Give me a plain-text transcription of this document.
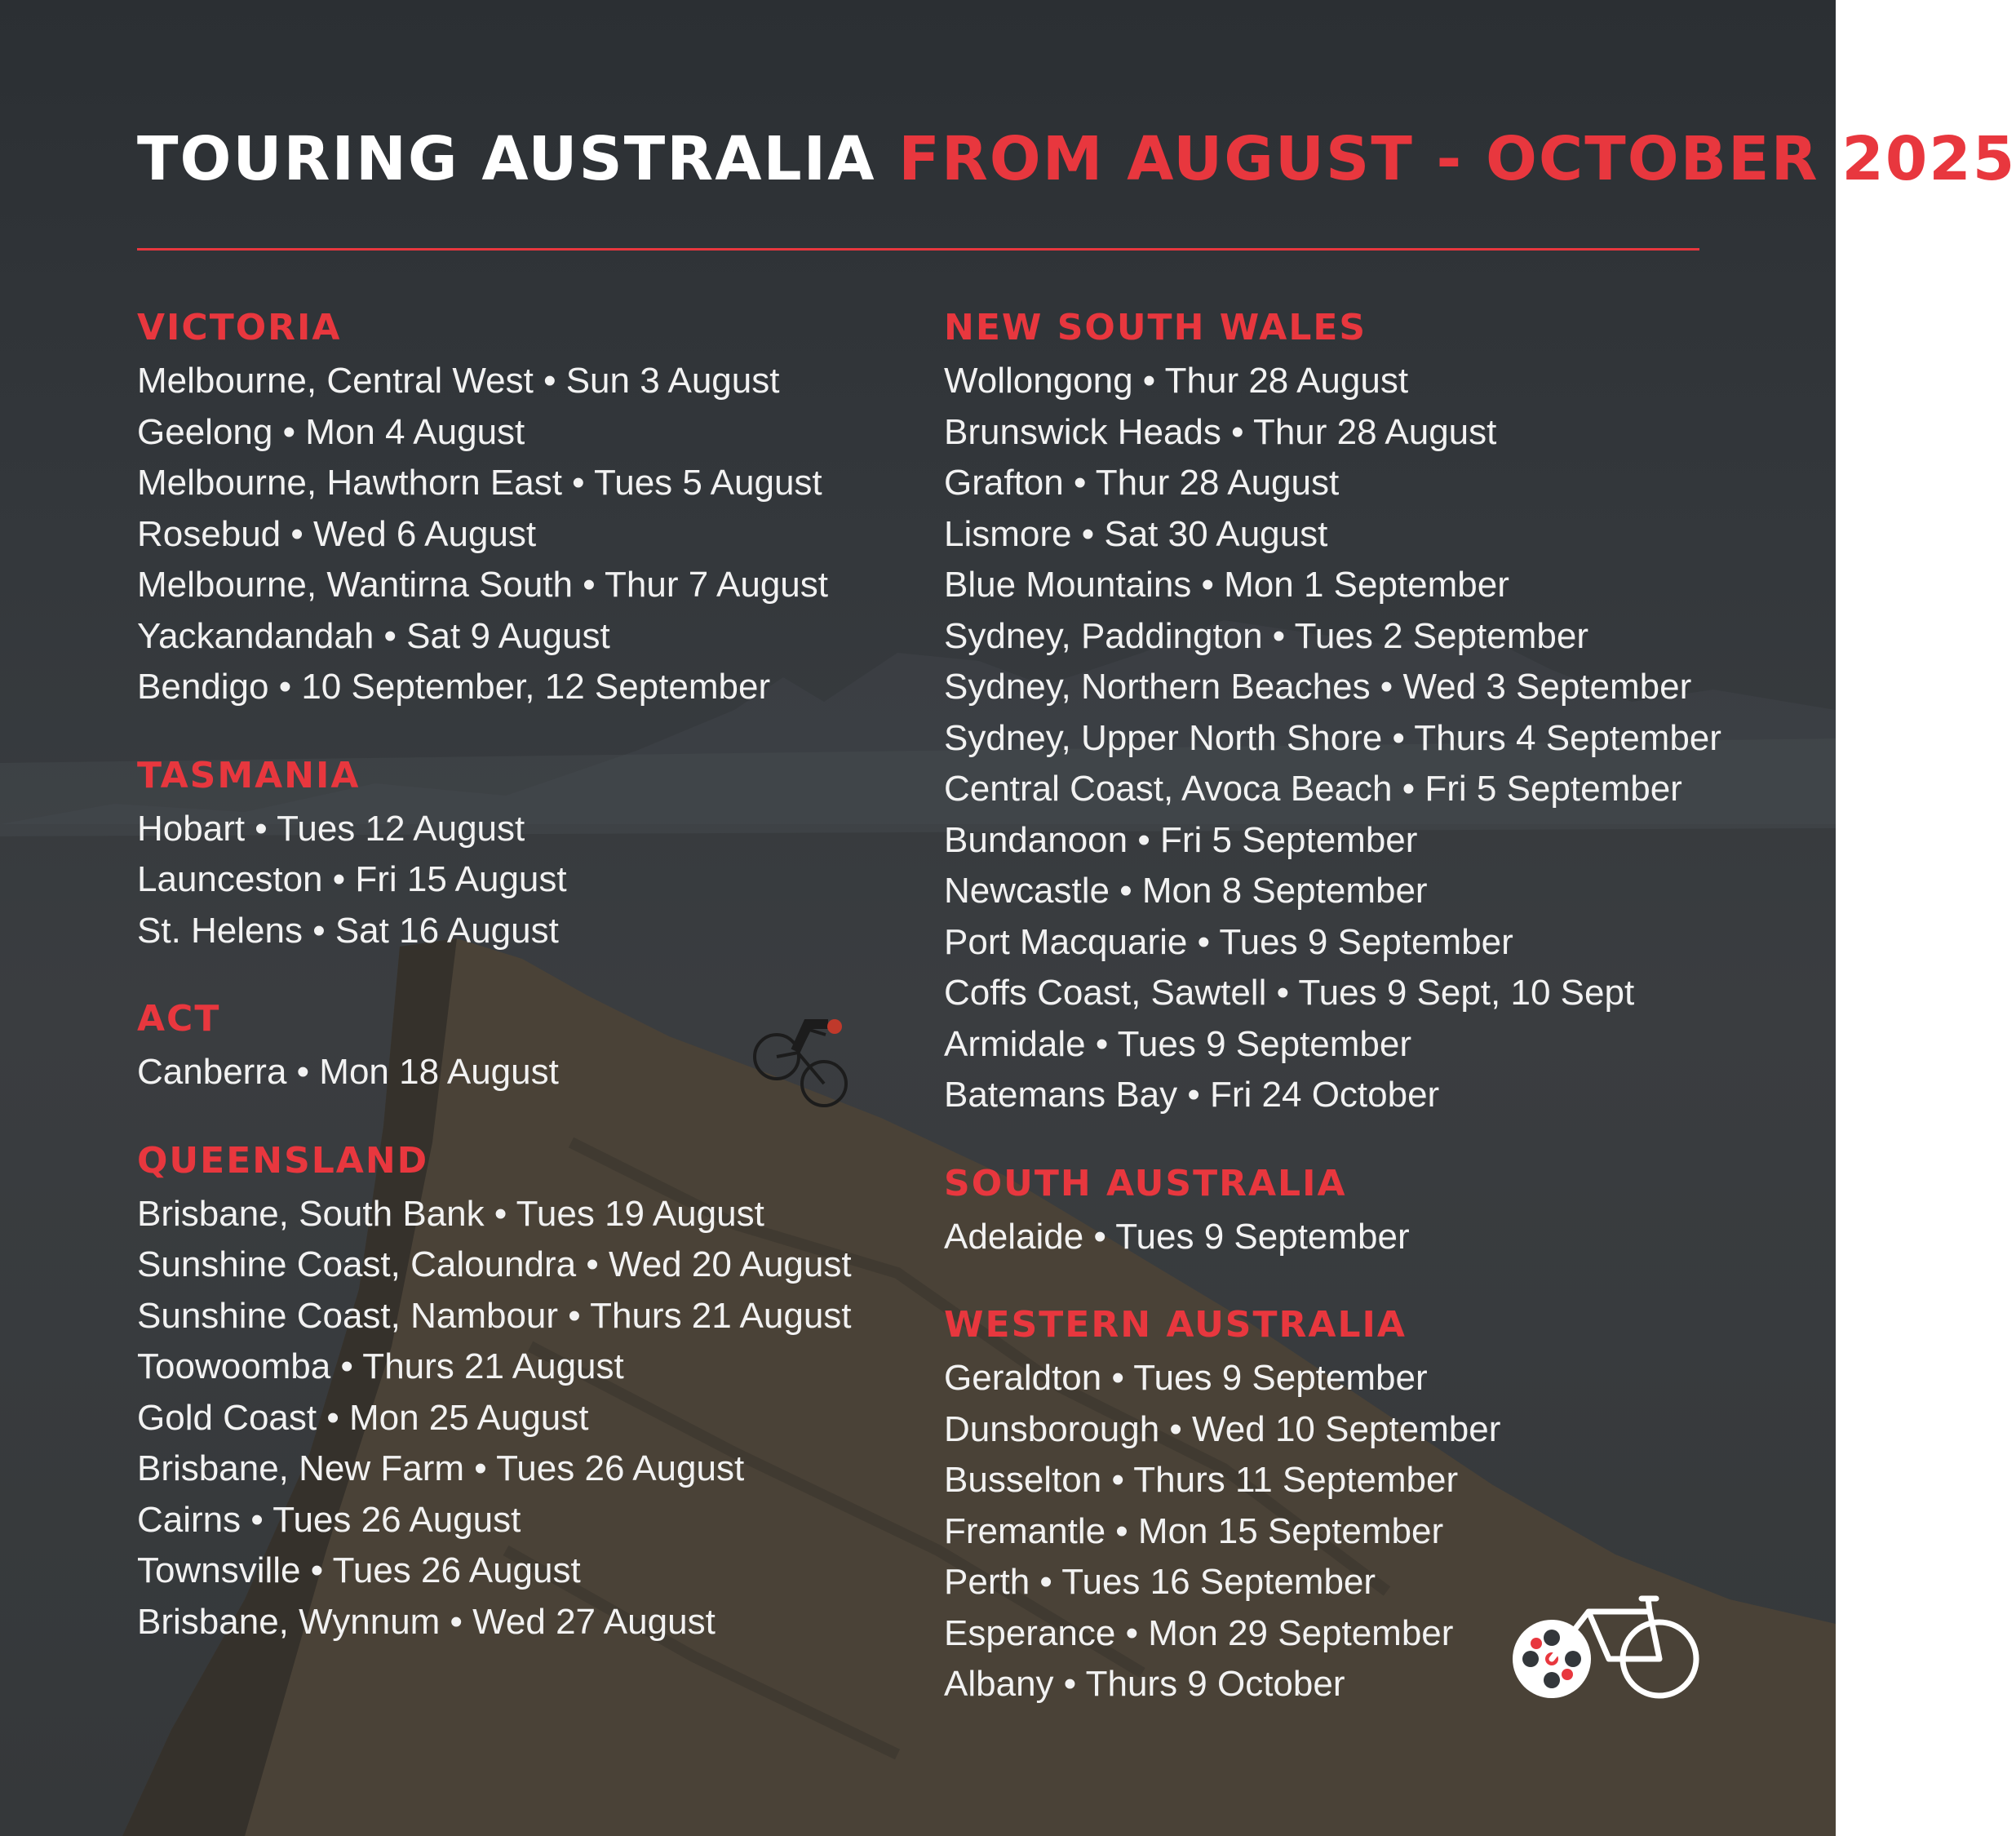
TOURING AUSTRALIA FROM AUGUST - OCTOBER 2025
VICTORIA
Melbourne, Central West • Sun 3 August
Geelong • Mon 4 August
Melbourne, Hawthorn East • Tues 5 August
Rosebud • Wed 6 August
Melbourne, Wantirna South • Thur 7 August
Yackandandah • Sat 9 August
Bendigo • 10 September, 12 September
TASMANIA
Hobart • Tues 12 August
Launceston • Fri 15 August
St. Helens • Sat 16 August
ACT
Canberra • Mon 18 August
QUEENSLAND
Brisbane, South Bank • Tues 19 August
Sunshine Coast, Caloundra • Wed 20 August
Sunshine Coast, Nambour • Thurs 21 August
Toowoomba • Thurs 21 August
Gold Coast • Mon 25 August
Brisbane, New Farm • Tues 26 August
Cairns • Tues 26 August
Townsville • Tues 26 August
Brisbane, Wynnum • Wed 27 August
NEW SOUTH WALES
Wollongong • Thur 28 August
Brunswick Heads • Thur 28 August
Grafton • Thur 28 August
Lismore • Sat 30 August
Blue Mountains • Mon 1 September
Sydney, Paddington • Tues 2 September
Sydney, Northern Beaches • Wed 3 September
Sydney, Upper North Shore • Thurs 4 September
Central Coast, Avoca Beach • Fri 5 September
Bundanoon • Fri 5 September
Newcastle • Mon 8 September
Port Macquarie • Tues 9 September
Coffs Coast, Sawtell • Tues 9 Sept, 10 Sept
Armidale • Tues 9 September
Batemans Bay • Fri 24 October
SOUTH AUSTRALIA
Adelaide • Tues 9 September
WESTERN AUSTRALIA
Geraldton • Tues 9 September
Dunsborough • Wed 10 September
Busselton • Thurs 11 September
Fremantle • Mon 15 September
Perth • Tues 16 September
Esperance • Mon 29 September
Albany • Thurs 9 October
